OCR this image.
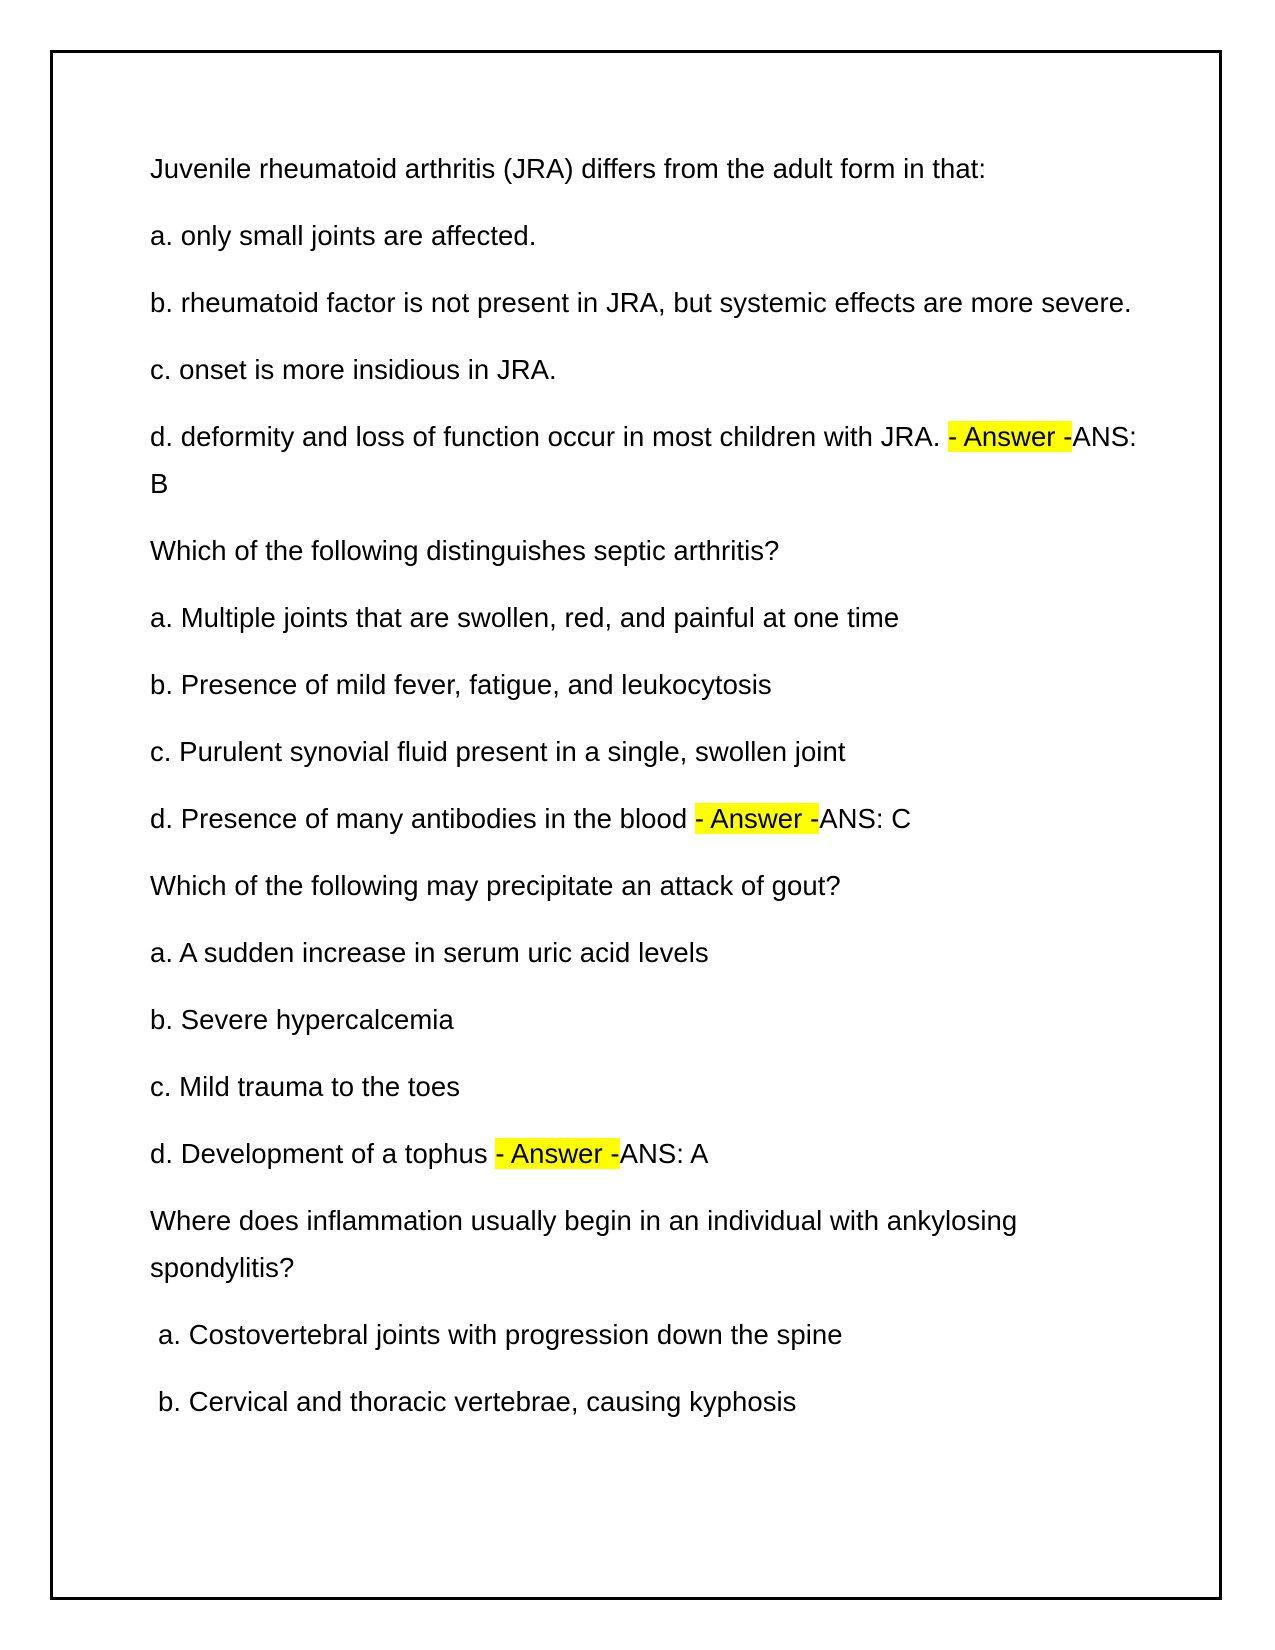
Juvenile rheumatoid arthritis (JRA) differs from the adult form in that:

a. only small joints are affected.

b. rheumatoid factor is not present in JRA, but systemic effects are more severe.

c. onset is more insidious in JRA.

d. deformity and loss of function occur in most children with JRA. - Answer -ANS: B

Which of the following distinguishes septic arthritis?

a. Multiple joints that are swollen, red, and painful at one time

b. Presence of mild fever, fatigue, and leukocytosis

c. Purulent synovial fluid present in a single, swollen joint

d. Presence of many antibodies in the blood - Answer -ANS: C

Which of the following may precipitate an attack of gout?

a. A sudden increase in serum uric acid levels

b. Severe hypercalcemia

c. Mild trauma to the toes

d. Development of a tophus - Answer -ANS: A

Where does inflammation usually begin in an individual with ankylosing spondylitis?

a. Costovertebral joints with progression down the spine

b. Cervical and thoracic vertebrae, causing kyphosis
